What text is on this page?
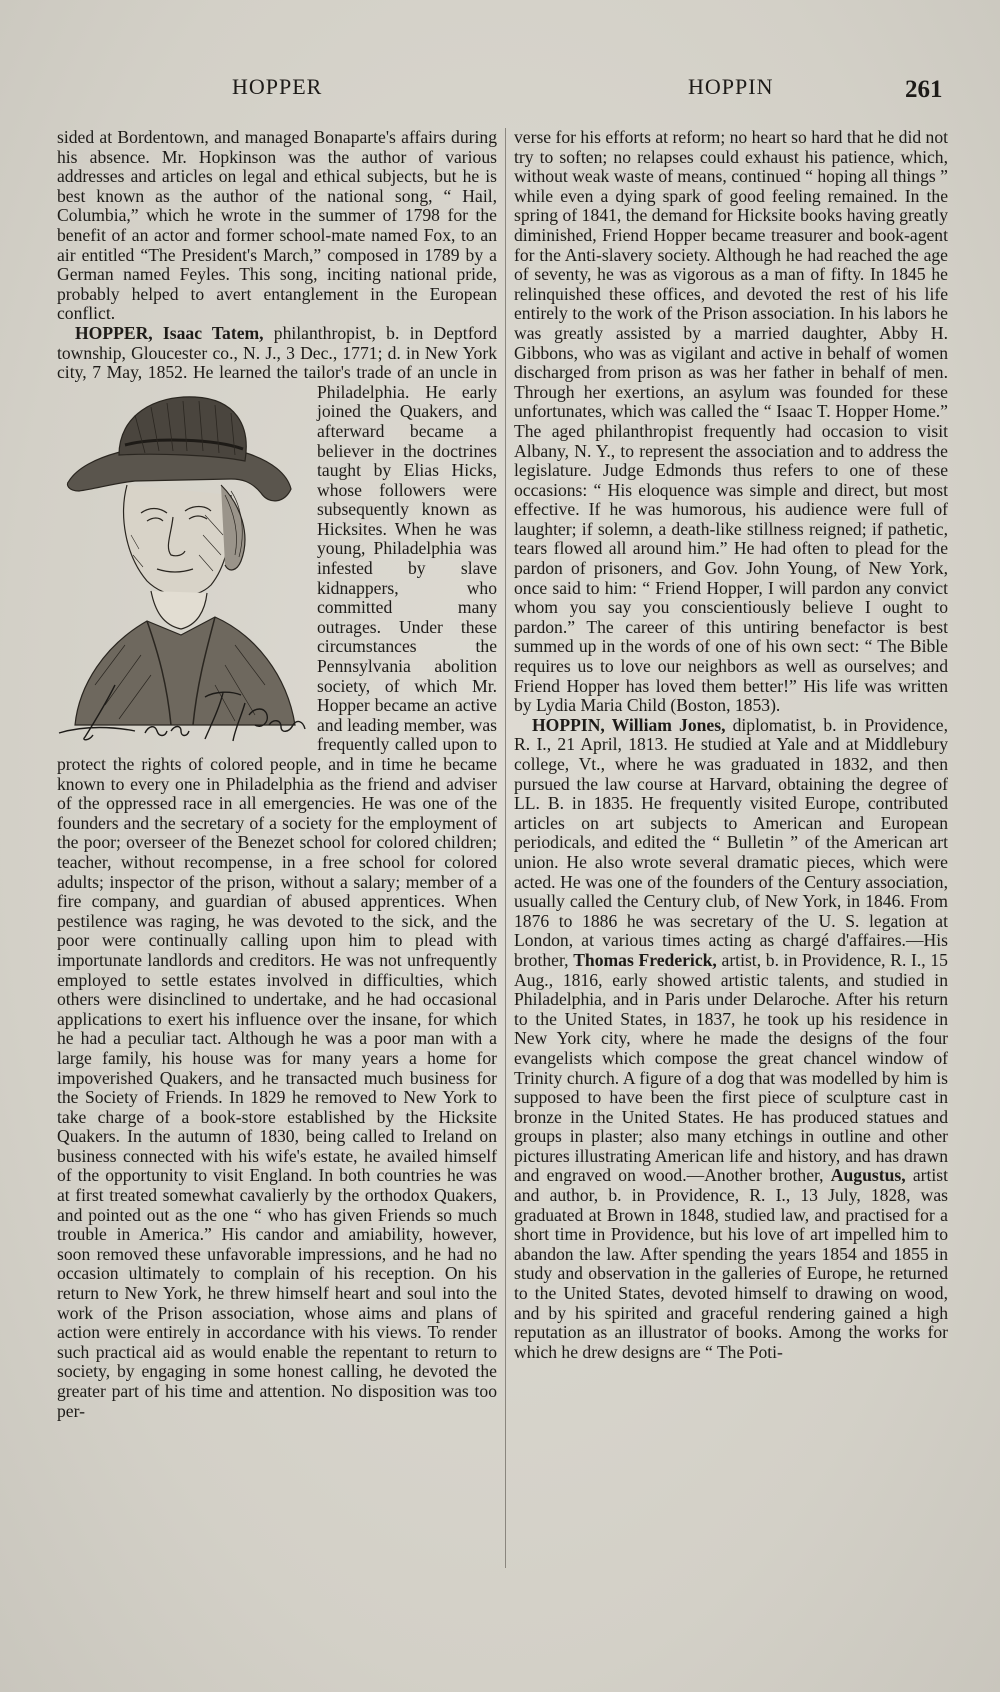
HOPPER	HOPPIN	261

sided at Bordentown, and managed Bonaparte's affairs during his absence. Mr. Hopkinson was the author of various addresses and articles on legal and ethical subjects, but he is best known as the author of the national song, “ Hail, Columbia,” which he wrote in the summer of 1798 for the benefit of an actor and former school-mate named Fox, to an air entitled “The President's March,” composed in 1789 by a German named Feyles. This song, inciting national pride, probably helped to avert entanglement in the European conflict.

HOPPER, Isaac Tatem, philanthropist, b. in Deptford township, Gloucester co., N. J., 3 Dec., 1771; d. in New York city, 7 May, 1852. He learned
the tailor's trade of an uncle in Philadelphia. He early joined the Quakers, and afterward became a believer in the doctrines taught by Elias Hicks, whose followers were subsequently known as Hicksites. When he was young, Philadelphia was infested by slave kidnappers, who committed many outrages. Under these circumstances the Pennsylvania abolition society, of which Mr. Hopper became an active and leading member, was frequently called upon to protect the rights of colored people, and in time he became known to every one in Philadelphia as the friend and adviser of the oppressed race in all emergencies. He was one of the founders and the secretary of a society for the employment of the poor; overseer of the Benezet school for colored children; teacher, without recompense, in a free school for colored adults; inspector of the prison, without a salary; member of a fire company, and guardian of abused apprentices. When pestilence was raging, he was devoted to the sick, and the poor were continually calling upon him to plead with importunate landlords and creditors. He was not unfrequently employed to settle estates involved in difficulties, which others were disinclined to undertake, and he had occasional applications to exert his influence over the insane, for which he had a peculiar tact. Although he was a poor man with a large family, his house was for many years a home for impoverished Quakers, and he transacted much business for the Society of Friends. In 1829 he removed to New York to take charge of a book-store established by the Hicksite Quakers. In the autumn of 1830, being called to Ireland on business connected with his wife's estate, he availed himself of the opportunity to visit England. In both countries he was at first treated somewhat cavalierly by the orthodox Quakers, and pointed out as the one “ who has given Friends so much trouble in America.” His candor and amiability, however, soon removed these unfavorable impressions, and he had no occasion ultimately to complain of his reception. On his return to New York, he threw himself heart and soul into the work of the Prison association, whose aims and plans of action were entirely in accordance with his views. To render such practical aid as would enable the repentant to return to society, by engaging in some honest calling, he devoted the greater part of his time and attention. No disposition was too per-

verse for his efforts at reform; no heart so hard that he did not try to soften; no relapses could exhaust his patience, which, without weak waste of means, continued “ hoping all things ” while even a dying spark of good feeling remained. In the spring of 1841, the demand for Hicksite books having greatly diminished, Friend Hopper became treasurer and book-agent for the Anti-slavery society. Although he had reached the age of seventy, he was as vigorous as a man of fifty. In 1845 he relinquished these offices, and devoted the rest of his life entirely to the work of the Prison association. In his labors he was greatly assisted by a married daughter, Abby H. Gibbons, who was as vigilant and active in behalf of women discharged from prison as was her father in behalf of men. Through her exertions, an asylum was founded for these unfortunates, which was called the “ Isaac T. Hopper Home.” The aged philanthropist frequently had occasion to visit Albany, N. Y., to represent the association and to address the legislature. Judge Edmonds thus refers to one of these occasions: “ His eloquence was simple and direct, but most effective. If he was humorous, his audience were full of laughter; if solemn, a death-like stillness reigned; if pathetic, tears flowed all around him.” He had often to plead for the pardon of prisoners, and Gov. John Young, of New York, once said to him: “ Friend Hopper, I will pardon any convict whom you say you conscientiously believe I ought to pardon.” The career of this untiring benefactor is best summed up in the words of one of his own sect: “ The Bible requires us to love our neighbors as well as ourselves; and Friend Hopper has loved them better!” His life was written by Lydia Maria Child (Boston, 1853).

HOPPIN, William Jones, diplomatist, b. in Providence, R. I., 21 April, 1813. He studied at Yale and at Middlebury college, Vt., where he was graduated in 1832, and then pursued the law course at Harvard, obtaining the degree of LL. B. in 1835. He frequently visited Europe, contributed articles on art subjects to American and European periodicals, and edited the “ Bulletin ” of the American art union. He also wrote several dramatic pieces, which were acted. He was one of the founders of the Century association, usually called the Century club, of New York, in 1846. From 1876 to 1886 he was secretary of the U. S. legation at London, at various times acting as chargé d'affaires.—His brother, Thomas Frederick, artist, b. in Providence, R. I., 15 Aug., 1816, early showed artistic talents, and studied in Philadelphia, and in Paris under Delaroche. After his return to the United States, in 1837, he took up his residence in New York city, where he made the designs of the four evangelists which compose the great chancel window of Trinity church. A figure of a dog that was modelled by him is supposed to have been the first piece of sculpture cast in bronze in the United States. He has produced statues and groups in plaster; also many etchings in outline and other pictures illustrating American life and history, and has drawn and engraved on wood.—Another brother, Augustus, artist and author, b. in Providence, R. I., 13 July, 1828, was graduated at Brown in 1848, studied law, and practised for a short time in Providence, but his love of art impelled him to abandon the law. After spending the years 1854 and 1855 in study and observation in the galleries of Europe, he returned to the United States, devoted himself to drawing on wood, and by his spirited and graceful rendering gained a high reputation as an illustrator of books. Among the works for which he drew designs are “ The Poti-
